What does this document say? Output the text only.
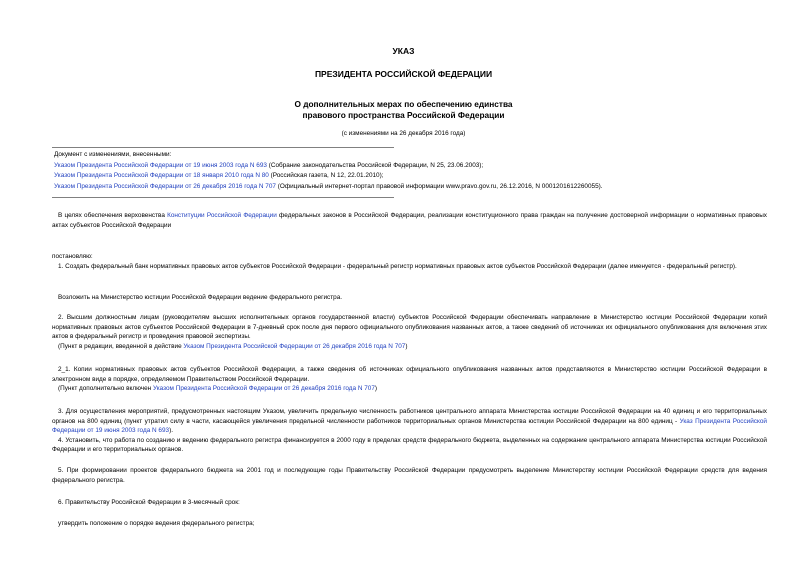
УКАЗ
ПРЕЗИДЕНТА РОССИЙСКОЙ ФЕДЕРАЦИИ
О дополнительных мерах по обеспечению единства
правового пространства Российской Федерации
(с изменениями на 26 декабря 2016 года)

Документ с изменениями, внесенными:

Указом Президента Российской Федерации от 19 июня 2003 года N 693 (Собрание законодательства Российской Федерации, N 25, 23.06.2003);

Указом Президента Российской Федерации от 18 января 2010 года N 80 (Российская газета, N 12, 22.01.2010);

Указом Президента Российской Федерации от 26 декабря 2016 года N 707 (Официальный интернет-портал правовой информации www.pravo.gov.ru, 26.12.2016, N 0001201612260055).

В целях обеспечения верховенства Конституции Российской Федерации федеральных законов в Российской Федерации, реализации конституционного права граждан на получение достоверной информации о нормативных правовых актах субъектов Российской Федерации

постановляю:

1. Создать федеральный банк нормативных правовых актов субъектов Российской Федерации - федеральный регистр нормативных правовых актов субъектов Российской Федерации (далее именуется - федеральный регистр).

Возложить на Министерство юстиции Российской Федерации ведение федерального регистра.

2. Высшим должностным лицам (руководителям высших исполнительных органов государственной власти) субъектов Российской Федерации обеспечивать направление в Министерство юстиции Российской Федерации копий нормативных правовых актов субъектов Российской Федерации в 7-дневный срок после дня первого официального опубликования названных актов, а также сведений об источниках их официального опубликования для включения этих актов в федеральный регистр и проведения правовой экспертизы.

(Пункт в редакции, введенной в действие Указом Президента Российской Федерации от 26 декабря 2016 года N 707)

2_1. Копии нормативных правовых актов субъектов Российской Федерации, а также сведения об источниках официального опубликования названных актов представляются в Министерство юстиции Российской Федерации в электронном виде в порядке, определяемом Правительством Российской Федерации.

(Пункт дополнительно включен Указом Президента Российской Федерации от 26 декабря 2016 года N 707)

3. Для осуществления мероприятий, предусмотренных настоящим Указом, увеличить предельную численность работников центрального аппарата Министерства юстиции Российской Федерации на 40 единиц и его территориальных органов на 800 единиц (пункт утратил силу в части, касающейся увеличения предельной численности работников территориальных органов Министерства юстиции Российской Федерации на 800 единиц - Указ Президента Российской Федерации от 19 июня 2003 года N 693).

4. Установить, что работа по созданию и ведению федерального регистра финансируется в 2000 году в пределах средств федерального бюджета, выделенных на содержание центрального аппарата Министерства юстиции Российской Федерации и его территориальных органов.

5. При формировании проектов федерального бюджета на 2001 год и последующие годы Правительству Российской Федерации предусмотреть выделение Министерству юстиции Российской Федерации средств для ведения федерального регистра.

6. Правительству Российской Федерации в 3-месячный срок:

утвердить положение о порядке ведения федерального регистра;
